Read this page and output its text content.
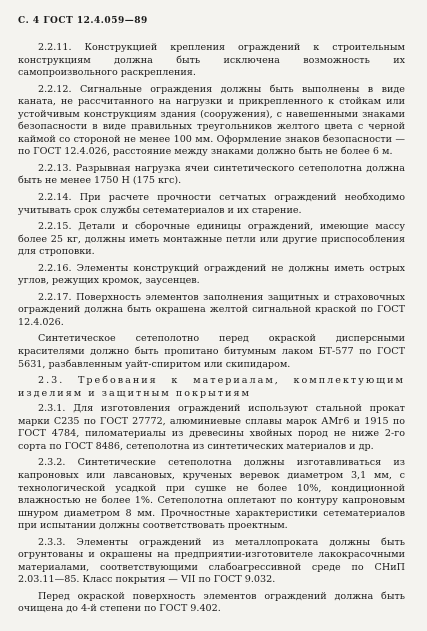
С. 4 ГОСТ 12.4.059—89

2.2.11. Конструкцией крепления ограждений к строительным конструкциям должна быть исключена возможность их самопроизвольного раскрепления.

2.2.12. Сигнальные ограждения должны быть выполнены в виде каната, не рассчитанного на нагрузки и прикрепленного к стойкам или устойчивым конструкциям здания (сооружения), с навешенными знаками безопасности в виде правильных треугольников желтого цвета с черной каймой со стороной не менее 100 мм. Оформление знаков безопасности — по ГОСТ 12.4.026, расстояние между знаками должно быть не более 6 м.

2.2.13. Разрывная нагрузка ячеи синтетического сетеполотна должна быть не менее 1750 Н (175 кгс).

2.2.14. При расчете прочности сетчатых ограждений необходимо учитывать срок службы сетематериалов и их старение.

2.2.15. Детали и сборочные единицы ограждений, имеющие массу более 25 кг, должны иметь монтажные петли или другие приспособления для строповки.

2.2.16. Элементы конструкций ограждений не должны иметь острых углов, режущих кромок, заусенцев.

2.2.17. Поверхность элементов заполнения защитных и страховочных ограждений должна быть окрашена желтой сигнальной краской по ГОСТ 12.4.026.

Синтетическое сетеполотно перед окраской дисперсными красителями должно быть пропитано битумным лаком БТ-577 по ГОСТ 5631, разбавленным уайт-спиритом или скипидаром.

2.3. Требования к материалам, комплектующим изделиям и защитным покрытиям

2.3.1. Для изготовления ограждений используют стальной прокат марки С235 по ГОСТ 27772, алюминиевые сплавы марок АМг6 и 1915 по ГОСТ 4784, пиломатериалы из древесины хвойных пород не ниже 2-го сорта по ГОСТ 8486, сетеполотна из синтетических материалов и др.

2.3.2. Синтетические сетеполотна должны изготавливаться из капроновых или лавсановых, крученых веревок диаметром 3,1 мм, с технологической усадкой при сушке не более 10%, кондиционной влажностью не более 1%. Сетеполотна оплетают по контуру капроновым шнуром диаметром 8 мм. Прочностные характеристики сетематериалов при испытании должны соответствовать проектным.

2.3.3. Элементы ограждений из металлопроката должны быть огрунтованы и окрашены на предприятии-изготовителе лакокрасочными материалами, соответствующими слабоагрессивной среде по СНиП 2.03.11—85. Класс покрытия — VII по ГОСТ 9.032.

Перед окраской поверхность элементов ограждений должна быть очищена до 4-й степени по ГОСТ 9.402.
